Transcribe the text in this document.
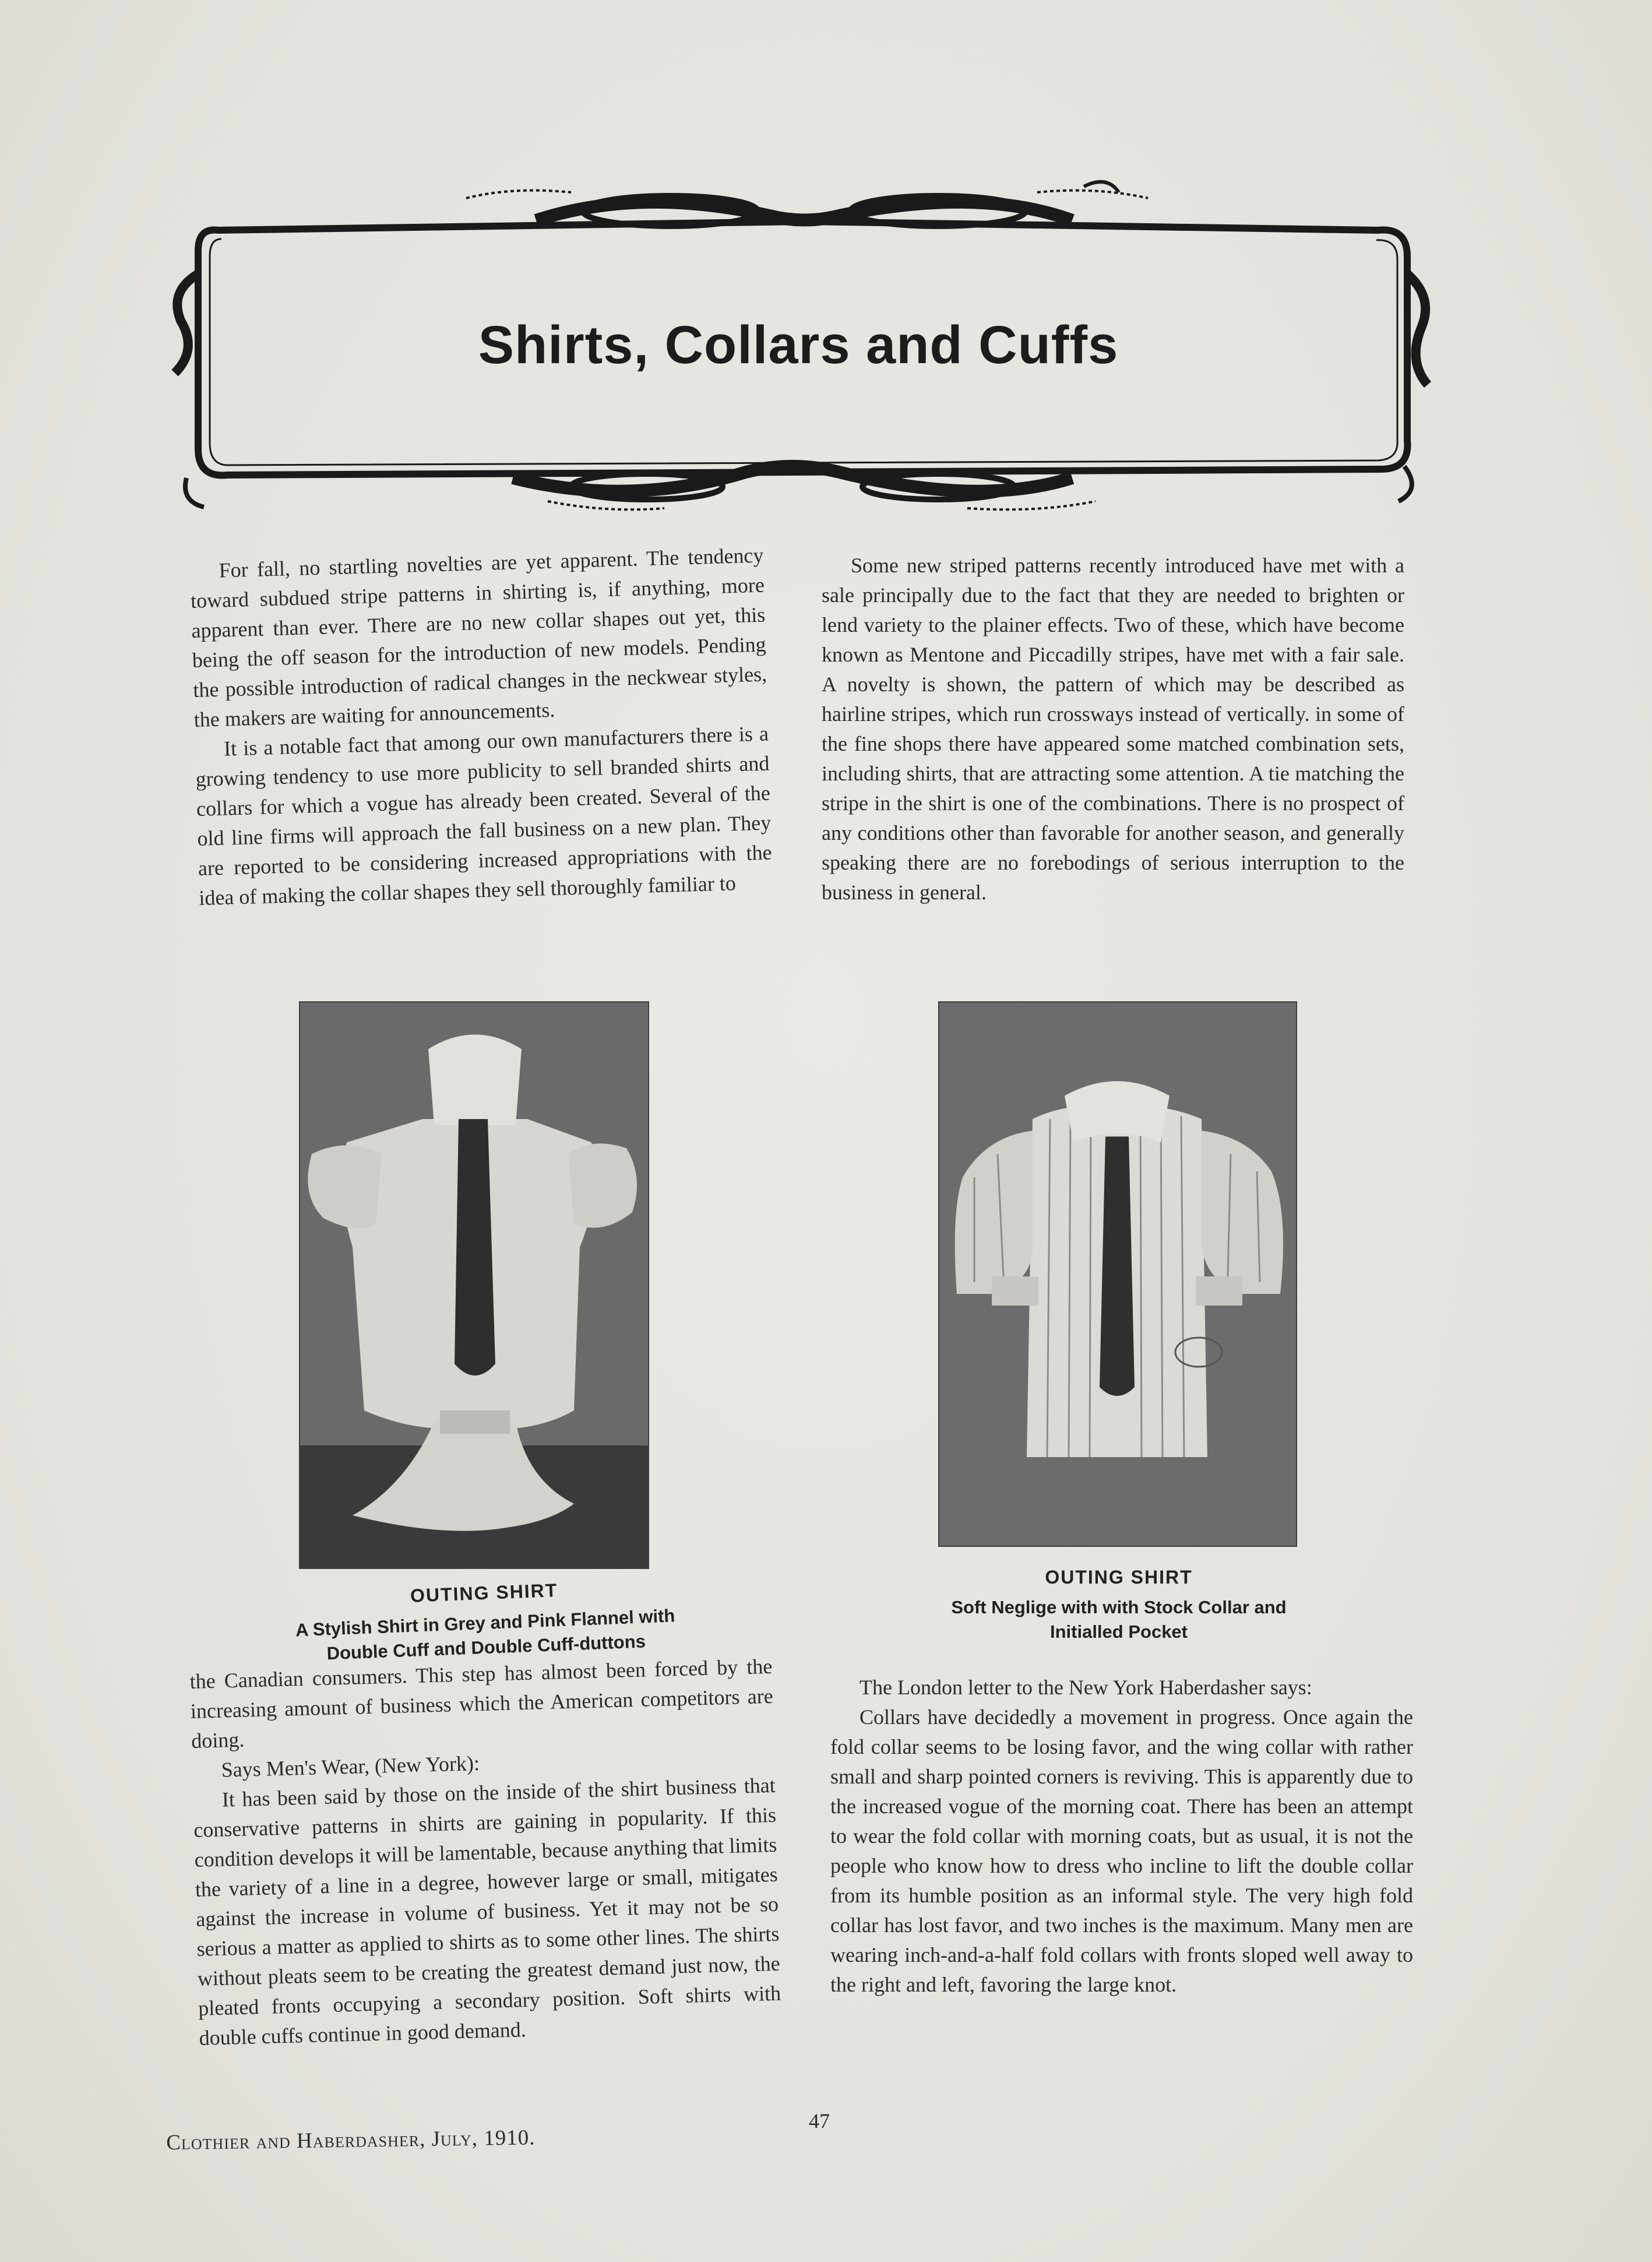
Shirts, Collars and Cuffs

For fall, no startling novelties are yet apparent. The tendency toward subdued stripe patterns in shirting is, if anything, more apparent than ever. There are no new collar shapes out yet, this being the off season for the introduction of new models. Pending the possible introduction of radical changes in the neckwear styles, the makers are waiting for announcements.

It is a notable fact that among our own manufacturers there is a growing tendency to use more publicity to sell branded shirts and collars for which a vogue has already been created. Several of the old line firms will approach the fall business on a new plan. They are reported to be considering increased appropriations with the idea of making the collar shapes they sell thoroughly familiar to

Some new striped patterns recently introduced have met with a sale principally due to the fact that they are needed to brighten or lend variety to the plainer effects. Two of these, which have become known as Mentone and Piccadilly stripes, have met with a fair sale. A novelty is shown, the pattern of which may be described as hairline stripes, which run crossways instead of vertically. in some of the fine shops there have appeared some matched combination sets, including shirts, that are attracting some attention. A tie matching the stripe in the shirt is one of the combinations. There is no prospect of any conditions other than favorable for another season, and generally speaking there are no forebodings of serious interruption to the business in general.

OUTING SHIRT
A Stylish Shirt in Grey and Pink Flannel with
Double Cuff and Double Cuff-duttons
OUTING SHIRT
Soft Neglige with with Stock Collar and
Initialled Pocket

the Canadian consumers. This step has almost been forced by the increasing amount of business which the American competitors are doing.

Says Men's Wear, (New York):

It has been said by those on the inside of the shirt business that conservative patterns in shirts are gaining in popularity. If this condition develops it will be lamentable, because anything that limits the variety of a line in a degree, however large or small, mitigates against the increase in volume of business. Yet it may not be so serious a matter as applied to shirts as to some other lines. The shirts without pleats seem to be creating the greatest demand just now, the pleated fronts occupying a secondary position. Soft shirts with double cuffs continue in good demand.

The London letter to the New York Haberdasher says:

Collars have decidedly a movement in progress. Once again the fold collar seems to be losing favor, and the wing collar with rather small and sharp pointed corners is reviving. This is apparently due to the increased vogue of the morning coat. There has been an attempt to wear the fold collar with morning coats, but as usual, it is not the people who know how to dress who incline to lift the double collar from its humble position as an informal style. The very high fold collar has lost favor, and two inches is the maximum. Many men are wearing inch-and-a-half fold collars with fronts sloped well away to the right and left, favoring the large knot.

47
Clothier and Haberdasher, July, 1910.
